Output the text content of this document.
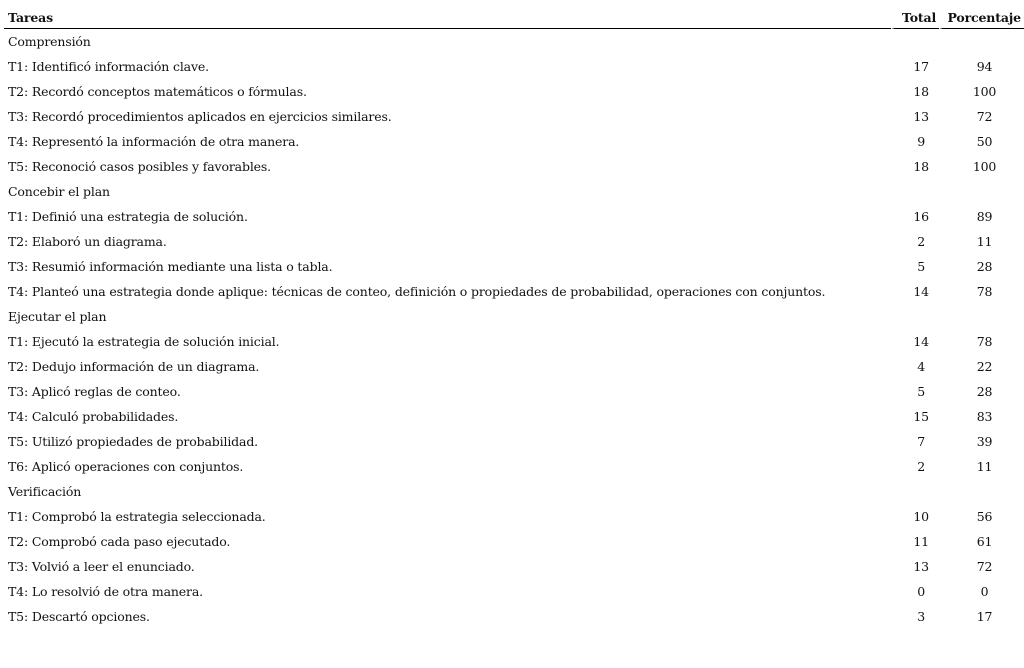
Tareas	Total	Porcentaje
Comprensión		
T1: Identificó información clave.	17	94
T2: Recordó conceptos matemáticos o fórmulas.	18	100
T3: Recordó procedimientos aplicados en ejercicios similares.	13	72
T4: Representó la información de otra manera.	9	50
T5: Reconoció casos posibles y favorables.	18	100
Concebir el plan		
T1: Definió una estrategia de solución.	16	89
T2: Elaboró un diagrama.	2	11
T3: Resumió información mediante una lista o tabla.	5	28
T4: Planteó una estrategia donde aplique: técnicas de conteo, definición o propiedades de probabilidad, operaciones con conjuntos.	14	78
Ejecutar el plan		
T1: Ejecutó la estrategia de solución inicial.	14	78
T2: Dedujo información de un diagrama.	4	22
T3: Aplicó reglas de conteo.	5	28
T4: Calculó probabilidades.	15	83
T5: Utilizó propiedades de probabilidad.	7	39
T6: Aplicó operaciones con conjuntos.	2	11
Verificación		
T1: Comprobó la estrategia seleccionada.	10	56
T2: Comprobó cada paso ejecutado.	11	61
T3: Volvió a leer el enunciado.	13	72
T4: Lo resolvió de otra manera.	0	0
T5: Descartó opciones.	3	17
